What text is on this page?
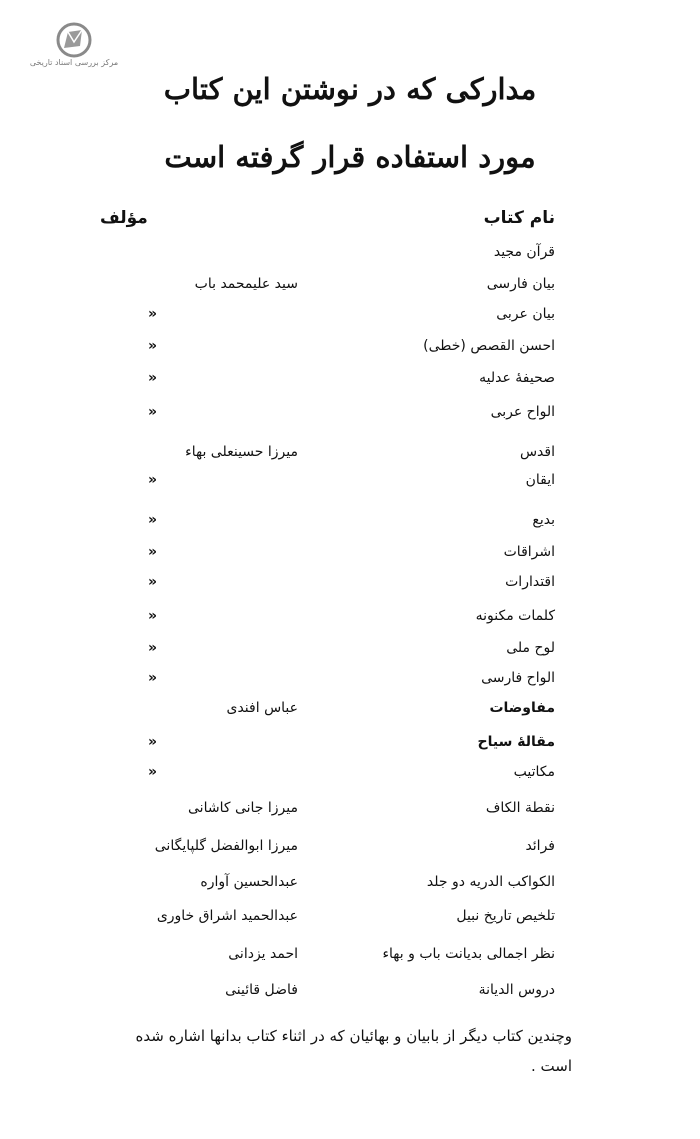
مرکز بررسی اسناد تاریخی
مدارکی که در نوشتن این کتاب
مورد استفاده قرار گرفته است
نام کتاب
مؤلف
قرآن مجید
بیان فارسی
سید علیمحمد باب
بیان عربی
»
احسن القصص (خطی)
»
صحیفهٔ عدلیه
»
الواح عربی
»
اقدس
میرزا حسینعلی بهاء
ایقان
»
بدیع
»
اشراقات
»
اقتدارات
»
کلمات مکنونه
»
لوح ملی
»
الواح فارسی
»
مفاوضات
عباس افندی
مقالهٔ سیاح
»
مکاتیب
»
نقطة الکاف
میرزا جانی کاشانی
فرائد
میرزا ابوالفضل گلپایگانی
الکواکب الدریه دو جلد
عبدالحسین آواره
تلخیص تاریخ نبیل
عبدالحمید اشراق خاوری
نظر اجمالی بدیانت باب و بهاء
احمد یزدانی
دروس الدیانة
فاضل قائینی
وچندین کتاب دیگر از بابیان و بهائیان که در اثناء کتاب بدانها اشاره شده است .
